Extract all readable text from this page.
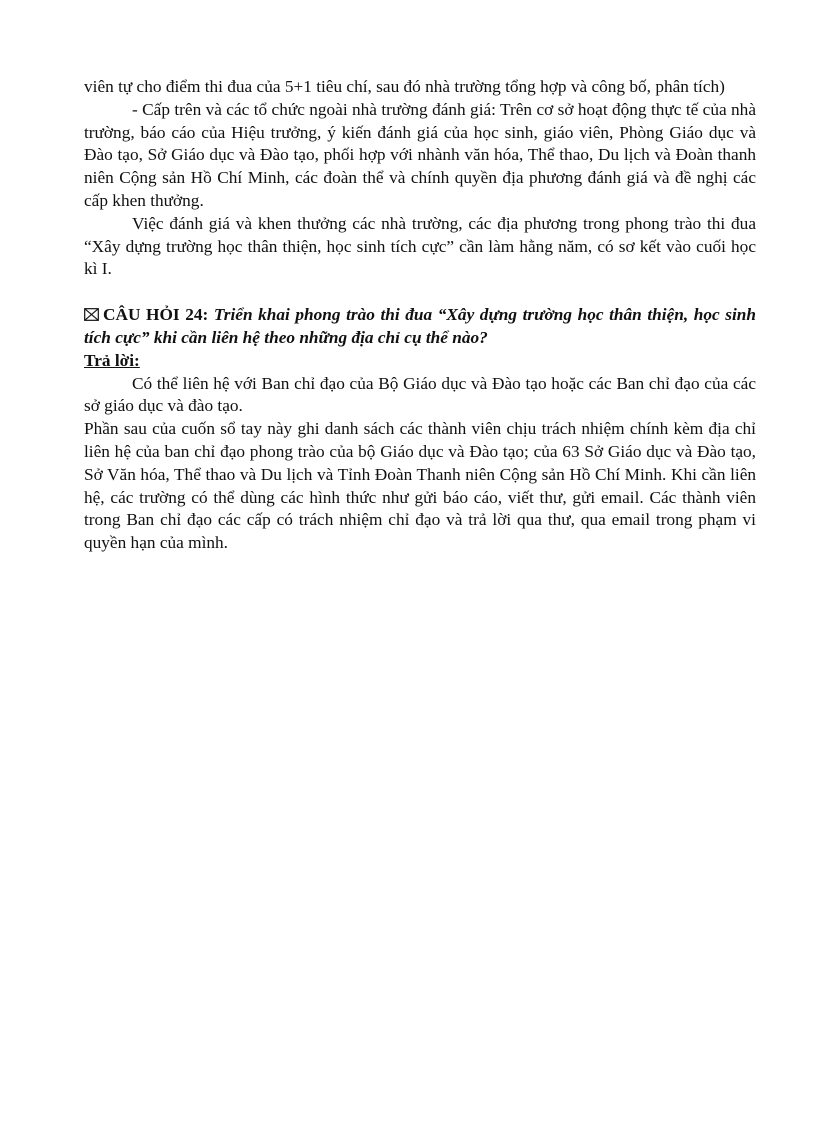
viên tự cho điểm thi đua của 5+1 tiêu chí, sau đó nhà trường tổng hợp và công bố, phân tích)

- Cấp trên và các tổ chức ngoài nhà trường đánh giá: Trên cơ sở hoạt động thực tế của nhà trường, báo cáo của Hiệu trưởng, ý kiến đánh giá của học sinh, giáo viên, Phòng Giáo dục và Đào tạo, Sở Giáo dục và Đào tạo, phối hợp với nhành văn hóa, Thể thao, Du lịch và Đoàn thanh niên Cộng sản Hồ Chí Minh, các đoàn thể và chính quyền địa phương đánh giá và đề nghị các cấp khen thưởng.

Việc đánh giá và khen thưởng các nhà trường, các địa phương trong phong trào thi đua “Xây dựng trường học thân thiện, học sinh tích cực” cần làm hằng năm, có sơ kết vào cuối học kì I.

CÂU HỎI 24: Triển khai phong trào thi đua “Xây dựng trường học thân thiện, học sinh tích cực” khi cần liên hệ theo những địa chỉ cụ thể nào?

Trả lời:

Có thể liên hệ với Ban chỉ đạo của Bộ Giáo dục và Đào tạo hoặc các Ban chỉ đạo của các sở giáo dục và đào tạo.

Phần sau của cuốn sổ tay này ghi danh sách các thành viên chịu trách nhiệm chính kèm địa chỉ liên hệ của ban chỉ đạo phong trào của bộ Giáo dục và Đào tạo; của 63 Sở Giáo dục và Đào tạo, Sở Văn hóa, Thể thao và Du lịch và Tỉnh Đoàn Thanh niên Cộng sản Hồ Chí Minh. Khi cần liên hệ, các trường có thể dùng các hình thức như gửi báo cáo, viết thư, gửi email. Các thành viên trong Ban chỉ đạo các cấp có trách nhiệm chỉ đạo và trả lời qua thư, qua email trong phạm vi quyền hạn của mình.
